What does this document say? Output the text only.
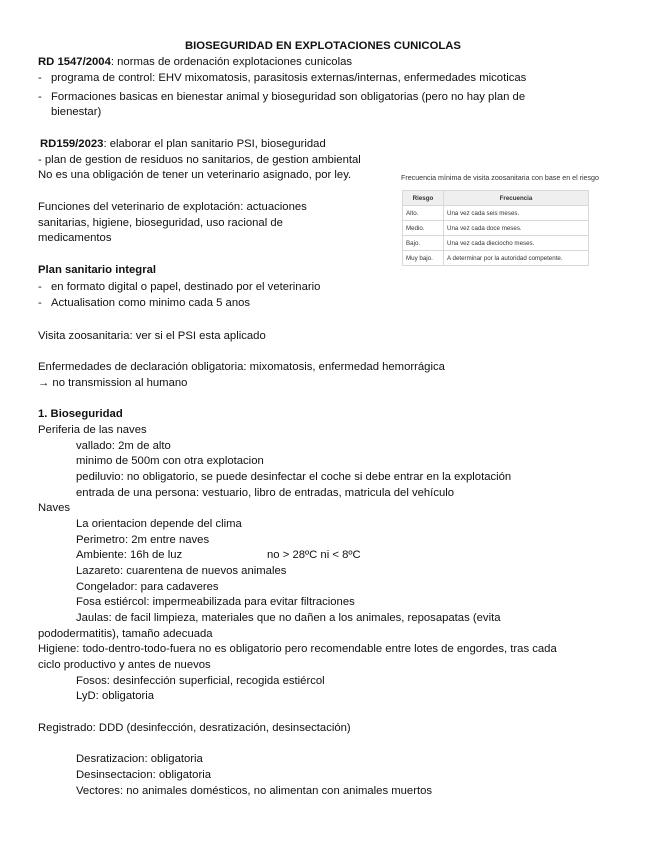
BIOSEGURIDAD EN EXPLOTACIONES CUNICOLAS
RD 1547/2004: normas de ordenación explotaciones cunicolas
- programa de control: EHV mixomatosis, parasitosis externas/internas, enfermedades micoticas
- Formaciones basicas en bienestar animal y bioseguridad son obligatorias (pero no hay plan de
bienestar)
RD159/2023: elaborar el plan sanitario PSI, bioseguridad
- plan de gestion de residuos no sanitarios, de gestion ambiental
No es una obligación de tener un veterinario asignado, por ley.
Funciones del veterinario de explotación: actuaciones
sanitarias, higiene, bioseguridad, uso racional de
medicamentos
Frecuencia mínima de visita zoosanitaria con base en el riesgo
Riesgo	Frecuencia
Alto.	Una vez cada seis meses.
Medio.	Una vez cada doce meses.
Bajo.	Una vez cada dieciocho meses.
Muy bajo.	A determinar por la autoridad competente.
Plan sanitario integral
- en formato digital o papel, destinado por el veterinario
- Actualisation como minimo cada 5 anos
Visita zoosanitaria: ver si el PSI esta aplicado
Enfermedades de declaración obligatoria: mixomatosis, enfermedad hemorrágica
→ no transmission al humano
1. Bioseguridad
Periferia de las naves
vallado: 2m de alto
minimo de 500m con otra explotacion
pediluvio: no obligatorio, se puede desinfectar el coche si debe entrar en la explotación
entrada de una persona: vestuario, libro de entradas, matricula del vehículo
Naves
La orientacion depende del clima
Perimetro: 2m entre naves
Ambiente: 16h de luz	no > 28ºC ni < 8ºC
Lazareto: cuarentena de nuevos animales
Congelador: para cadaveres
Fosa estiércol: impermeabilizada para evitar filtraciones
Jaulas: de facil limpieza, materiales que no dañen a los animales, reposapatas (evita
pododermatitis), tamaño adecuada
Higiene: todo-dentro-todo-fuera no es obligatorio pero recomendable entre lotes de engordes, tras cada
ciclo productivo y antes de nuevos
Fosos: desinfección superficial, recogida estiércol
LyD: obligatoria
Registrado: DDD (desinfección, desratización, desinsectación)
Desratizacion: obligatoria
Desinsectacion: obligatoria
Vectores: no animales domésticos, no alimentan con animales muertos
